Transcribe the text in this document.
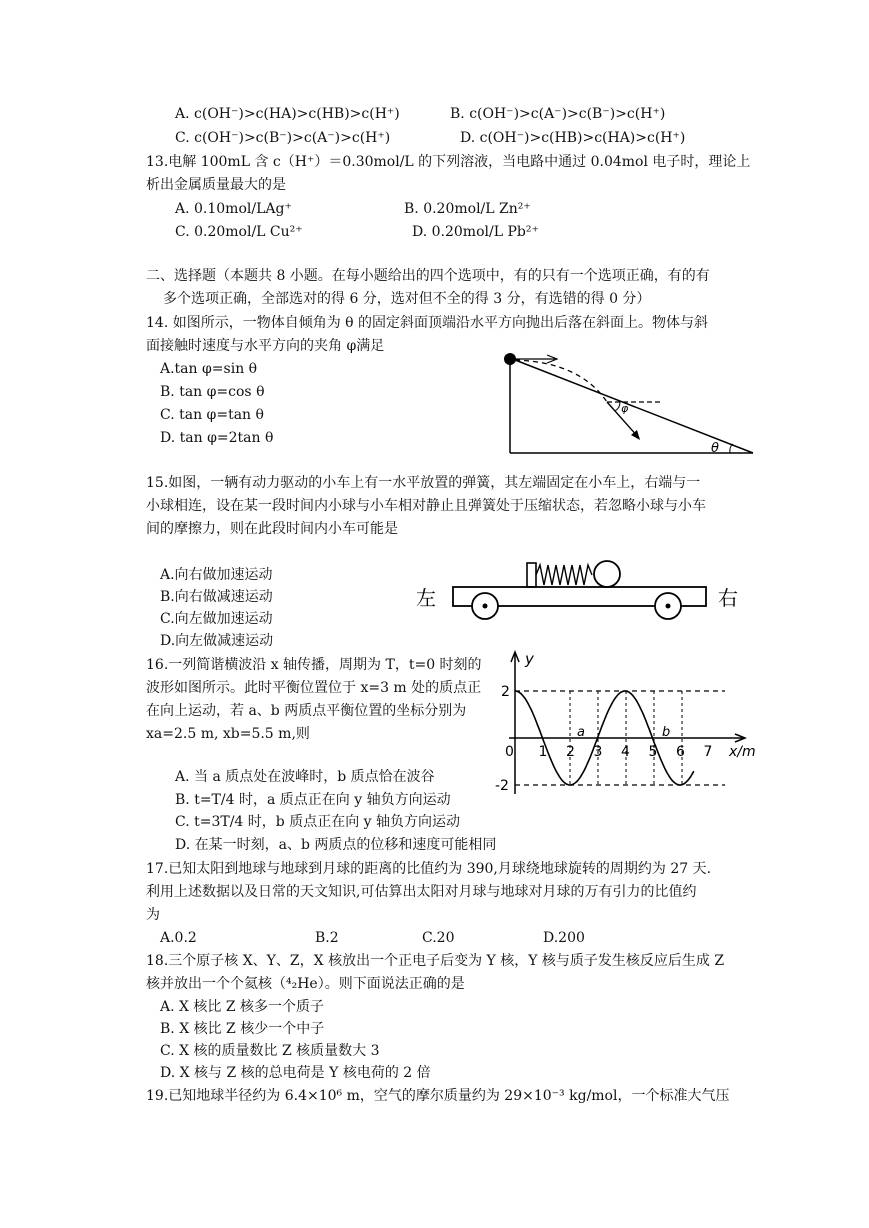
A. c(OH⁻)>c(HA)>c(HB)>c(H⁺)	B. c(OH⁻)>c(A⁻)>c(B⁻)>c(H⁺)
C. c(OH⁻)>c(B⁻)>c(A⁻)>c(H⁺)	D. c(OH⁻)>c(HB)>c(HA)>c(H⁺)
13.电解 100mL 含 c（H⁺）＝0.30mol/L 的下列溶液，当电路中通过 0.04mol 电子时，理论上
析出金属质量最大的是
A. 0.10mol/LAg⁺	B. 0.20mol/L Zn²⁺
C. 0.20mol/L Cu²⁺	D. 0.20mol/L Pb²⁺
二、选择题（本题共 8 小题。在每小题给出的四个选项中，有的只有一个选项正确，有的有
多个选项正确，全部选对的得 6 分，选对但不全的得 3 分，有选错的得 0 分）
14. 如图所示，一物体自倾角为 θ 的固定斜面顶端沿水平方向抛出后落在斜面上。物体与斜
面接触时速度与水平方向的夹角 φ满足
A.tan φ=sin θ
B. tan φ=cos θ
C. tan φ=tan θ
D. tan φ=2tan θ
φ
θ
15.如图，一辆有动力驱动的小车上有一水平放置的弹簧，其左端固定在小车上，右端与一
小球相连，设在某一段时间内小球与小车相对静止且弹簧处于压缩状态，若忽略小球与小车
间的摩擦力，则在此段时间内小车可能是
A.向右做加速运动
B.向右做减速运动
C.向左做加速运动
D.向左做减速运动
左	右
16.一列简谐横波沿 x 轴传播，周期为 T，t=0 时刻的
波形如图所示。此时平衡位置位于 x=3 m 处的质点正
在向上运动，若 a、b 两质点平衡位置的坐标分别为
xa=2.5 m, xb=5.5 m,则
A. 当 a 质点处在波峰时，b 质点恰在波谷
B. t=T/4 时，a 质点正在向 y 轴负方向运动
C. t=3T/4 时，b 质点正在向 y 轴负方向运动
D. 在某一时刻，a、b 两质点的位移和速度可能相同
y
x/m
2
-2
0 1 2 3 4 5 6 7
a	b
17.已知太阳到地球与地球到月球的距离的比值约为 390,月球绕地球旋转的周期约为 27 天.
利用上述数据以及日常的天文知识,可估算出太阳对月球与地球对月球的万有引力的比值约
为
A.0.2	B.2	C.20	D.200
18.三个原子核 X、Y、Z，X 核放出一个正电子后变为 Y 核，Y 核与质子发生核反应后生成 Z
核并放出一个个氦核（⁴₂He）。则下面说法正确的是
A. X 核比 Z 核多一个质子
B. X 核比 Z 核少一个中子
C. X 核的质量数比 Z 核质量数大 3
D. X 核与 Z 核的总电荷是 Y 核电荷的 2 倍
19.已知地球半径约为 6.4×10⁶ m，空气的摩尔质量约为 29×10⁻³ kg/mol，一个标准大气压
